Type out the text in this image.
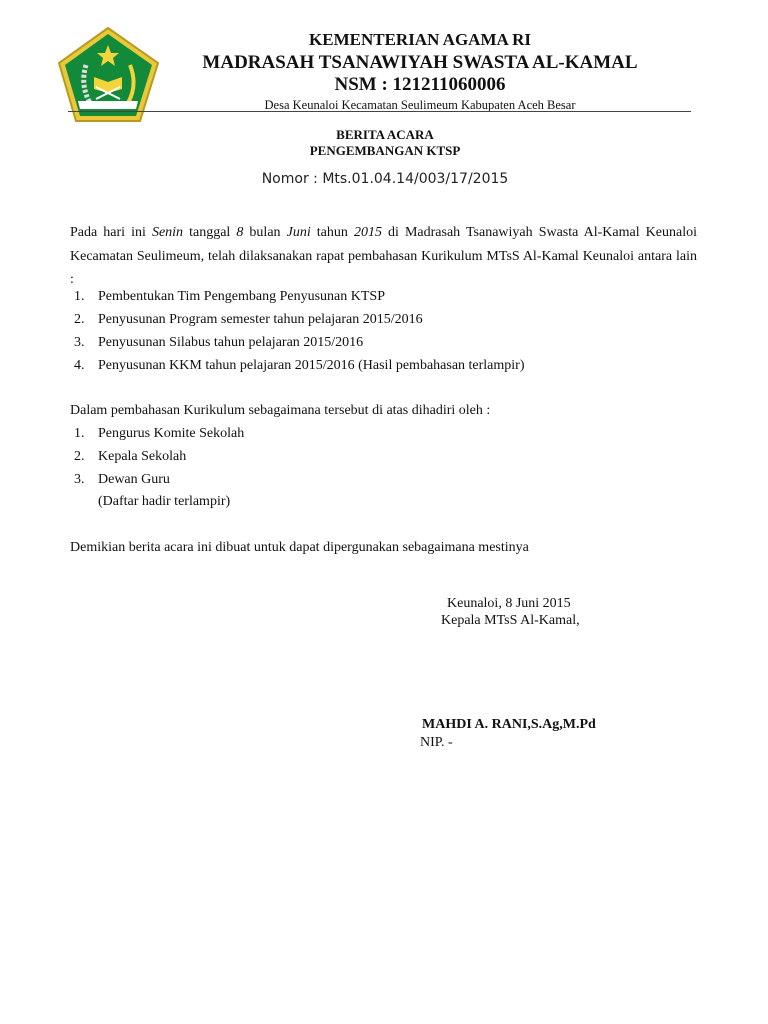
KEMENTERIAN AGAMA RI
MADRASAH TSANAWIYAH SWASTA AL-KAMAL
NSM : 121211060006
Desa Keunaloi Kecamatan Seulimeum Kabupaten Aceh Besar
BERITA ACARA
PENGEMBANGAN KTSP
Nomor : Mts.01.04.14/003/17/2015
Pada hari ini Senin tanggal 8 bulan Juni tahun 2015 di Madrasah Tsanawiyah Swasta Al-Kamal Keunaloi Kecamatan Seulimeum, telah dilaksanakan rapat pembahasan Kurikulum MTsS Al-Kamal Keunaloi antara lain :
1. Pembentukan Tim Pengembang Penyusunan KTSP
2. Penyusunan Program semester tahun pelajaran 2015/2016
3. Penyusunan Silabus tahun pelajaran 2015/2016
4. Penyusunan KKM tahun pelajaran 2015/2016 (Hasil pembahasan terlampir)
Dalam pembahasan Kurikulum sebagaimana tersebut di atas dihadiri oleh :
1. Pengurus Komite Sekolah
2. Kepala Sekolah
3. Dewan Guru
(Daftar hadir terlampir)
Demikian berita acara ini dibuat untuk dapat dipergunakan sebagaimana mestinya
Keunaloi, 8 Juni 2015
Kepala MTsS Al-Kamal,
MAHDI A. RANI,S.Ag,M.Pd
NIP. -
